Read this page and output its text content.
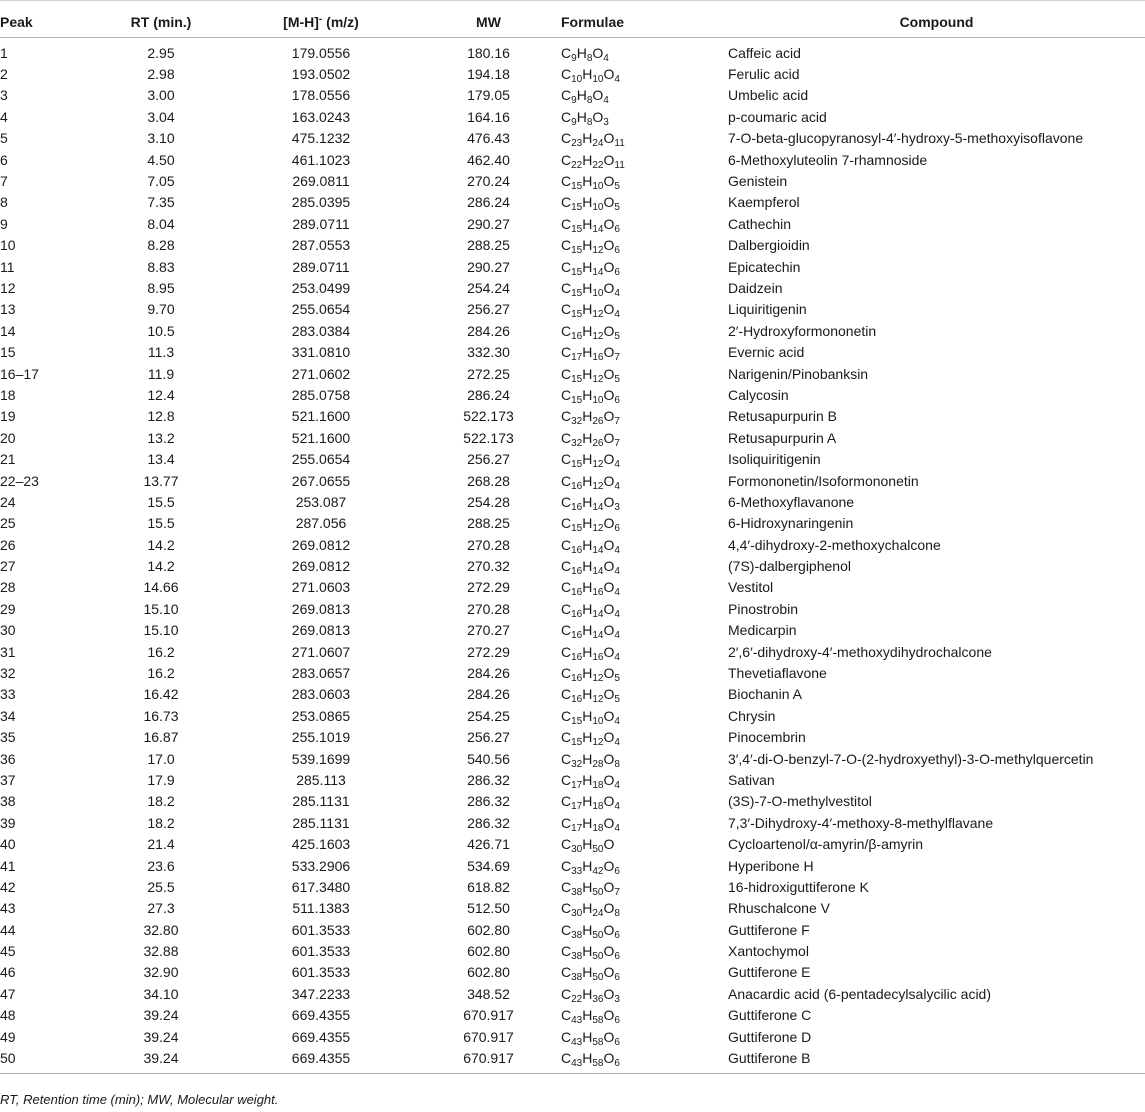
Peak	RT (min.)	[M-H]- (m/z)	MW	Formulae	Compound
1	2.95	179.0556	180.16	$C_9H_8O_4$	Caffeic acid
2	2.98	193.0502	194.18	$C_{10}H_{10}O_4$	Ferulic acid
3	3.00	178.0556	179.05	$C_9H_8O_4$	Umbelic acid
4	3.04	163.0243	164.16	$C_9H_8O_3$	p-coumaric acid
5	3.10	475.1232	476.43	$C_{23}H_{24}O_{11}$	7-O-beta-glucopyranosyl-4′-hydroxy-5-methoxyisoflavone
6	4.50	461.1023	462.40	$C_{22}H_{22}O_{11}$	6-Methoxyluteolin 7-rhamnoside
7	7.05	269.0811	270.24	$C_{15}H_{10}O_5$	Genistein
8	7.35	285.0395	286.24	$C_{15}H_{10}O_5$	Kaempferol
9	8.04	289.0711	290.27	$C_{15}H_{14}O_6$	Cathechin
10	8.28	287.0553	288.25	$C_{15}H_{12}O_6$	Dalbergioidin
11	8.83	289.0711	290.27	$C_{15}H_{14}O_6$	Epicatechin
12	8.95	253.0499	254.24	$C_{15}H_{10}O_4$	Daidzein
13	9.70	255.0654	256.27	$C_{15}H_{12}O_4$	Liquiritigenin
14	10.5	283.0384	284.26	$C_{16}H_{12}O_5$	2′-Hydroxyformononetin
15	11.3	331.0810	332.30	$C_{17}H_{16}O_7$	Evernic acid
16–17	11.9	271.0602	272.25	$C_{15}H_{12}O_5$	Narigenin/Pinobanksin
18	12.4	285.0758	286.24	$C_{15}H_{10}O_6$	Calycosin
19	12.8	521.1600	522.173	$C_{32}H_{26}O_7$	Retusapurpurin B
20	13.2	521.1600	522.173	$C_{32}H_{26}O_7$	Retusapurpurin A
21	13.4	255.0654	256.27	$C_{15}H_{12}O_4$	Isoliquiritigenin
22–23	13.77	267.0655	268.28	$C_{16}H_{12}O_4$	Formononetin/Isoformononetin
24	15.5	253.087	254.28	$C_{16}H_{14}O_3$	6-Methoxyflavanone
25	15.5	287.056	288.25	$C_{15}H_{12}O_6$	6-Hidroxynaringenin
26	14.2	269.0812	270.28	$C_{16}H_{14}O_4$	4,4′-dihydroxy-2-methoxychalcone
27	14.2	269.0812	270.32	$C_{16}H_{14}O_4$	(7S)-dalbergiphenol
28	14.66	271.0603	272.29	$C_{16}H_{16}O_4$	Vestitol
29	15.10	269.0813	270.28	$C_{16}H_{14}O_4$	Pinostrobin
30	15.10	269.0813	270.27	$C_{16}H_{14}O_4$	Medicarpin
31	16.2	271.0607	272.29	$C_{16}H_{16}O_4$	2′,6′-dihydroxy-4′-methoxydihydrochalcone
32	16.2	283.0657	284.26	$C_{16}H_{12}O_5$	Thevetiaflavone
33	16.42	283.0603	284.26	$C_{16}H_{12}O_5$	Biochanin A
34	16.73	253.0865	254.25	$C_{15}H_{10}O_4$	Chrysin
35	16.87	255.1019	256.27	$C_{15}H_{12}O_4$	Pinocembrin
36	17.0	539.1699	540.56	$C_{32}H_{28}O_8$	3′,4′-di-O-benzyl-7-O-(2-hydroxyethyl)-3-O-methylquercetin
37	17.9	285.113	286.32	$C_{17}H_{18}O_4$	Sativan
38	18.2	285.1131	286.32	$C_{17}H_{18}O_4$	(3S)-7-O-methylvestitol
39	18.2	285.1131	286.32	$C_{17}H_{18}O_4$	7,3′-Dihydroxy-4′-methoxy-8-methylflavane
40	21.4	425.1603	426.71	$C_{30}H_{50}O$	Cycloartenol/α-amyrin/β-amyrin
41	23.6	533.2906	534.69	$C_{33}H_{42}O_6$	Hyperibone H
42	25.5	617.3480	618.82	$C_{38}H_{50}O_7$	16-hidroxiguttiferone K
43	27.3	511.1383	512.50	$C_{30}H_{24}O_8$	Rhuschalcone V
44	32.80	601.3533	602.80	$C_{38}H_{50}O_6$	Guttiferone F
45	32.88	601.3533	602.80	$C_{38}H_{50}O_6$	Xantochymol
46	32.90	601.3533	602.80	$C_{38}H_{50}O_6$	Guttiferone E
47	34.10	347.2233	348.52	$C_{22}H_{36}O_3$	Anacardic acid (6-pentadecylsalycilic acid)
48	39.24	669.4355	670.917	$C_{43}H_{58}O_6$	Guttiferone C
49	39.24	669.4355	670.917	$C_{43}H_{58}O_6$	Guttiferone D
50	39.24	669.4355	670.917	$C_{43}H_{58}O_6$	Guttiferone B
RT, Retention time (min); MW, Molecular weight.
